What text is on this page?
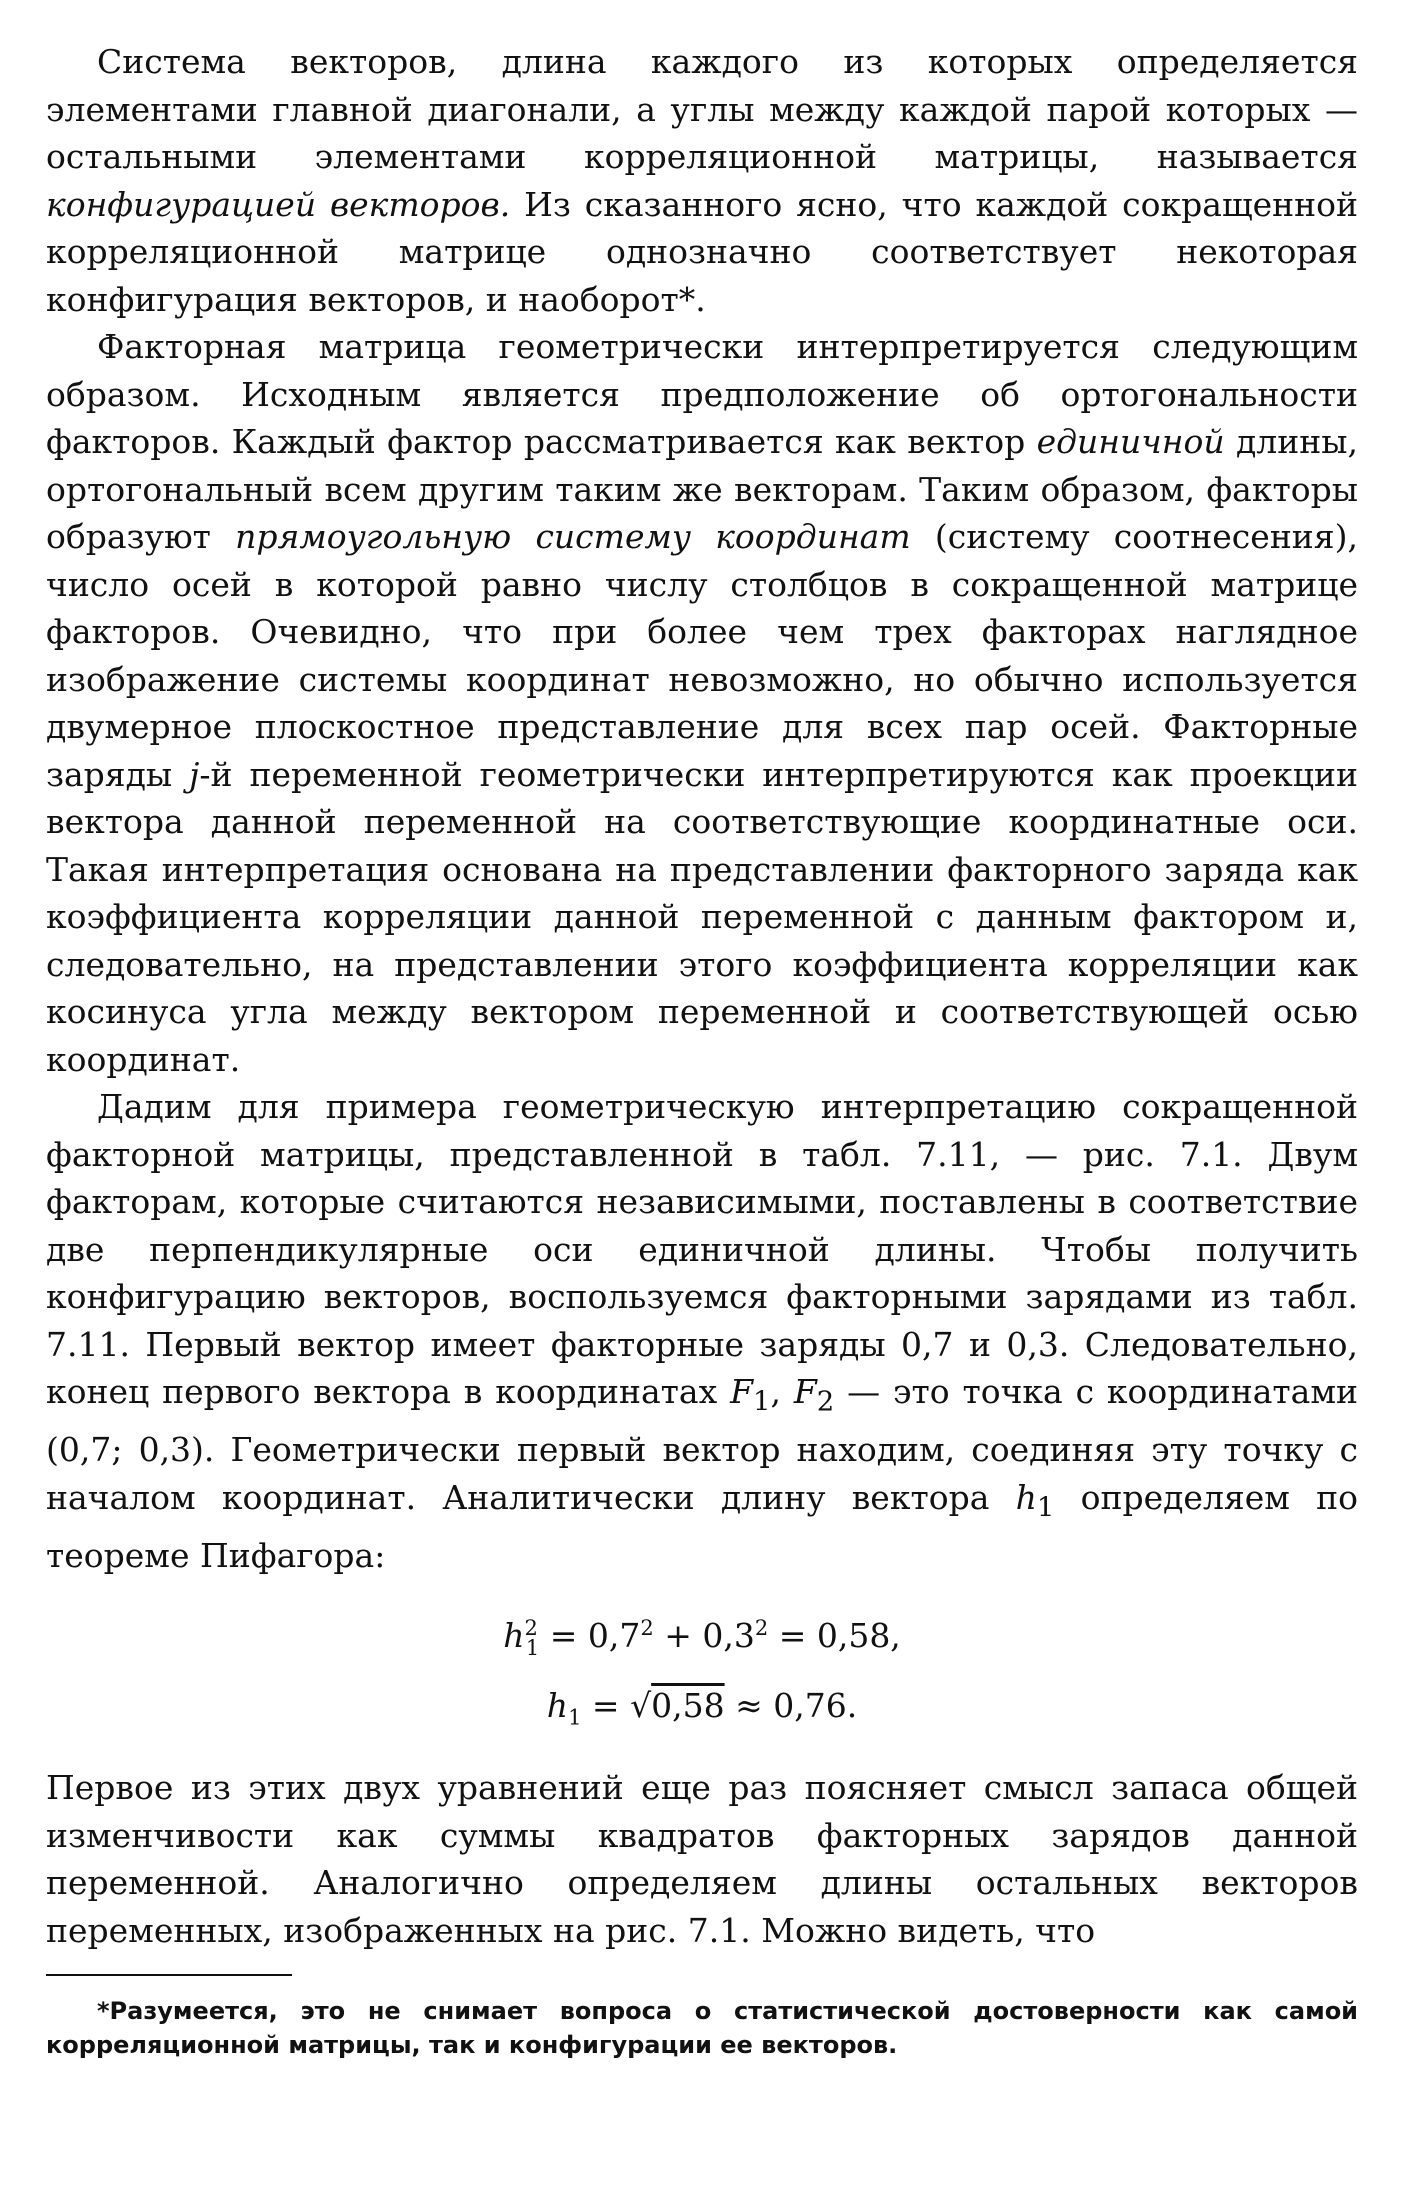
Система векторов, длина каждого из которых определяется элементами главной диагонали, а углы между каждой парой которых — остальными элементами корреляционной матрицы, называется конфигурацией векторов. Из сказанного ясно, что каждой сокращенной корреляционной матрице однозначно соответствует некоторая конфигурация векторов, и наоборот*.

Факторная матрица геометрически интерпретируется следующим образом. Исходным является предположение об ортогональности факторов. Каждый фактор рассматривается как вектор единичной длины, ортогональный всем другим таким же векторам. Таким образом, факторы образуют прямоугольную систему координат (систему соотнесения), число осей в которой равно числу столбцов в сокращенной матрице факторов. Очевидно, что при более чем трех факторах наглядное изображение системы координат невозможно, но обычно используется двумерное плоскостное представление для всех пар осей. Факторные заряды j-й переменной геометрически интерпретируются как проекции вектора данной переменной на соответствующие координатные оси. Такая интерпретация основана на представлении факторного заряда как коэффициента корреляции данной переменной с данным фактором и, следовательно, на представлении этого коэффициента корреляции как косинуса угла между вектором переменной и соответствующей осью координат.

Дадим для примера геометрическую интерпретацию сокращенной факторной матрицы, представленной в табл. 7.11, — рис. 7.1. Двум факторам, которые считаются независимыми, поставлены в соответствие две перпендикулярные оси единичной длины. Чтобы получить конфигурацию векторов, воспользуемся факторными зарядами из табл. 7.11. Первый вектор имеет факторные заряды 0,7 и 0,3. Следовательно, конец первого вектора в координатах $F_1$, $F_2$ — это точка с координатами (0,7; 0,3). Геометрически первый вектор находим, соединяя эту точку с началом координат. Аналитически длину вектора $h_1$ определяем по теореме Пифагора:

$h^2_1 = 0,7^2 + 0,3^2 = 0,58$,

$h_1 = √0,58 \approx 0,76$.

Первое из этих двух уравнений еще раз поясняет смысл запаса общей изменчивости как суммы квадратов факторных зарядов данной переменной. Аналогично определяем длины остальных векторов переменных, изображенных на рис. 7.1. Можно видеть, что

*Разумеется, это не снимает вопроса о статистической достоверности как самой корреляционной матрицы, так и конфигурации ее векторов.
